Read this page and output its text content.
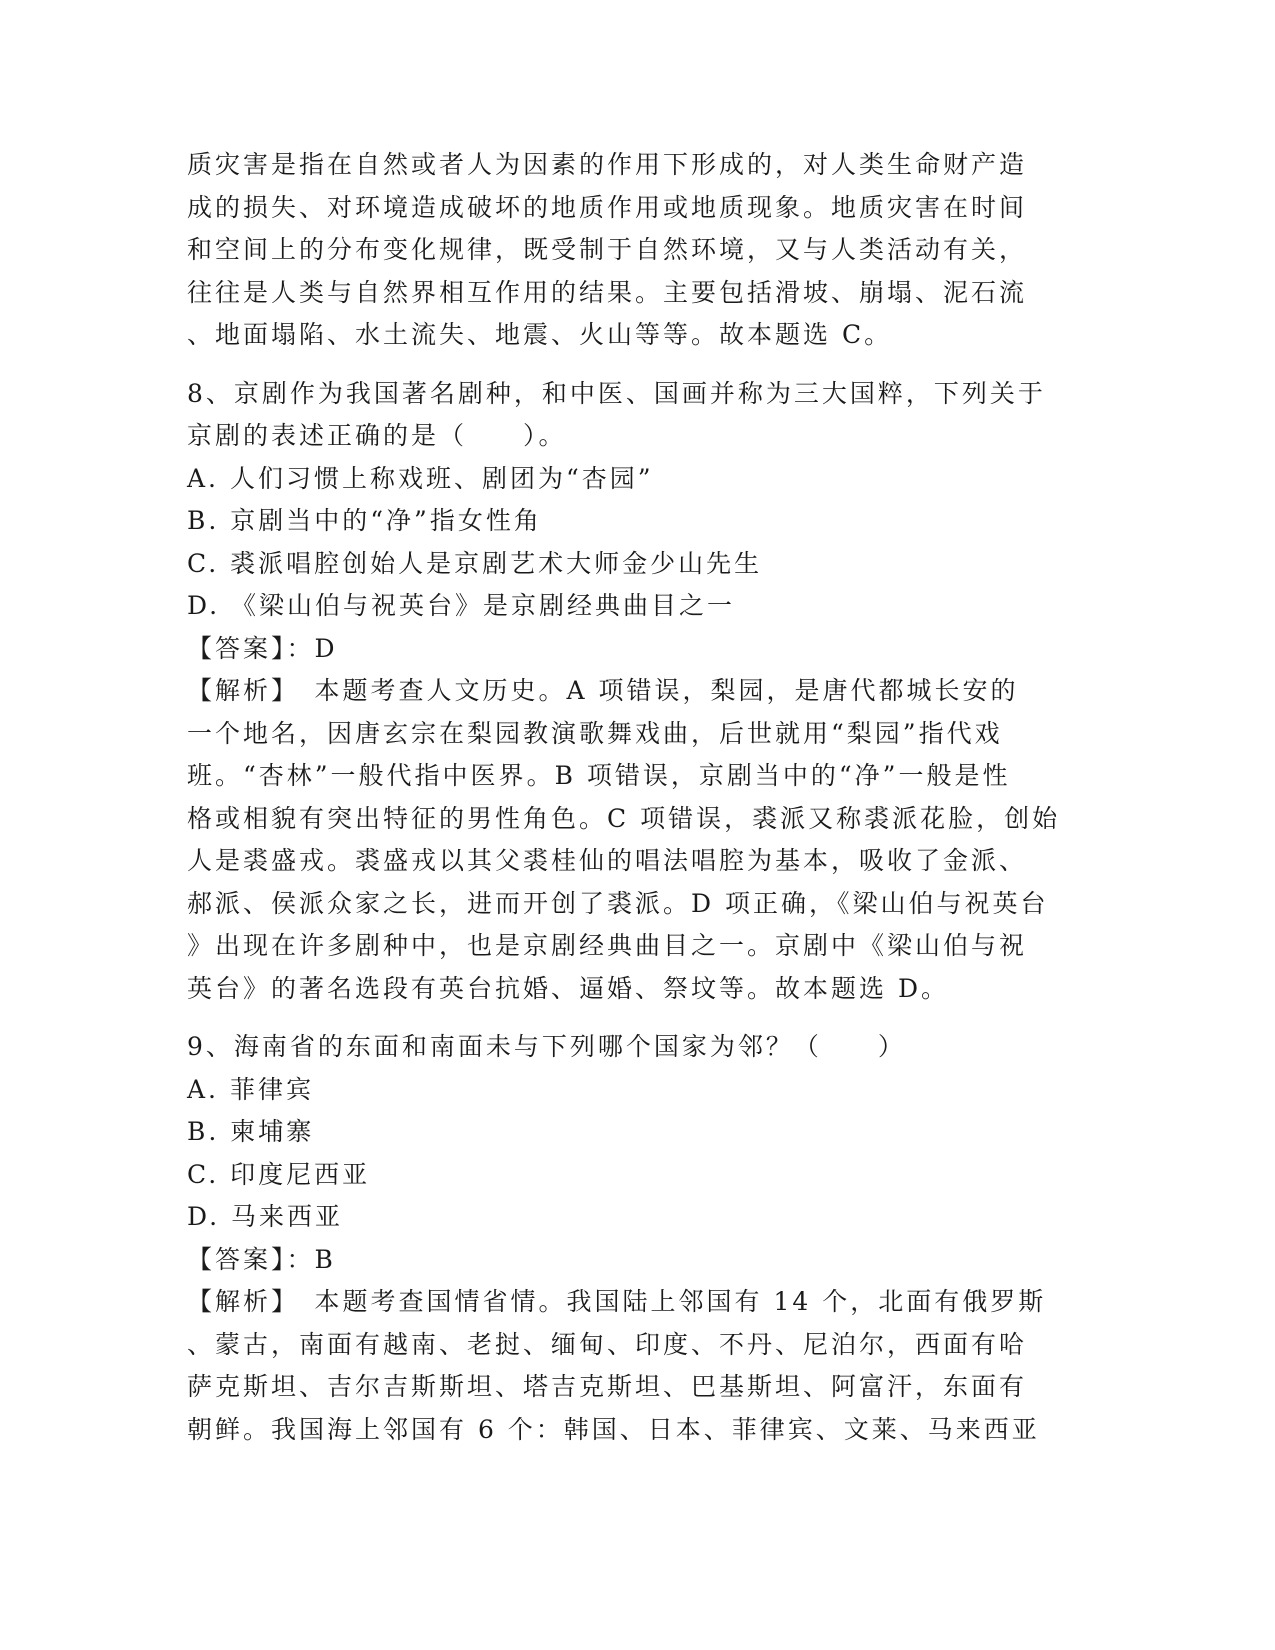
质灾害是指在自然或者人为因素的作用下形成的，对人类生命财产造
成的损失、对环境造成破坏的地质作用或地质现象。地质灾害在时间
和空间上的分布变化规律，既受制于自然环境，又与人类活动有关，
往往是人类与自然界相互作用的结果。主要包括滑坡、崩塌、泥石流
、地面塌陷、水土流失、地震、火山等等。故本题选 C。
8、京剧作为我国著名剧种，和中医、国画并称为三大国粹，下列关于
京剧的表述正确的是（　　）。
A. 人们习惯上称戏班、剧团为“杏园”
B. 京剧当中的“净”指女性角
C. 裘派唱腔创始人是京剧艺术大师金少山先生
D. 《梁山伯与祝英台》是京剧经典曲目之一
【答案】：D
【解析】　本题考查人文历史。A 项错误，梨园，是唐代都城长安的
一个地名，因唐玄宗在梨园教演歌舞戏曲，后世就用“梨园”指代戏
班。“杏林”一般代指中医界。B 项错误，京剧当中的“净”一般是性
格或相貌有突出特征的男性角色。C 项错误，裘派又称裘派花脸，创始
人是裘盛戎。裘盛戎以其父裘桂仙的唱法唱腔为基本，吸收了金派、
郝派、侯派众家之长，进而开创了裘派。D 项正确，《梁山伯与祝英台
》出现在许多剧种中，也是京剧经典曲目之一。京剧中《梁山伯与祝
英台》的著名选段有英台抗婚、逼婚、祭坟等。故本题选 D。
9、海南省的东面和南面未与下列哪个国家为邻？（　　）
A. 菲律宾
B. 柬埔寨
C. 印度尼西亚
D. 马来西亚
【答案】：B
【解析】　本题考查国情省情。我国陆上邻国有 14 个，北面有俄罗斯
、蒙古，南面有越南、老挝、缅甸、印度、不丹、尼泊尔，西面有哈
萨克斯坦、吉尔吉斯斯坦、塔吉克斯坦、巴基斯坦、阿富汗，东面有
朝鲜。我国海上邻国有 6 个：韩国、日本、菲律宾、文莱、马来西亚
